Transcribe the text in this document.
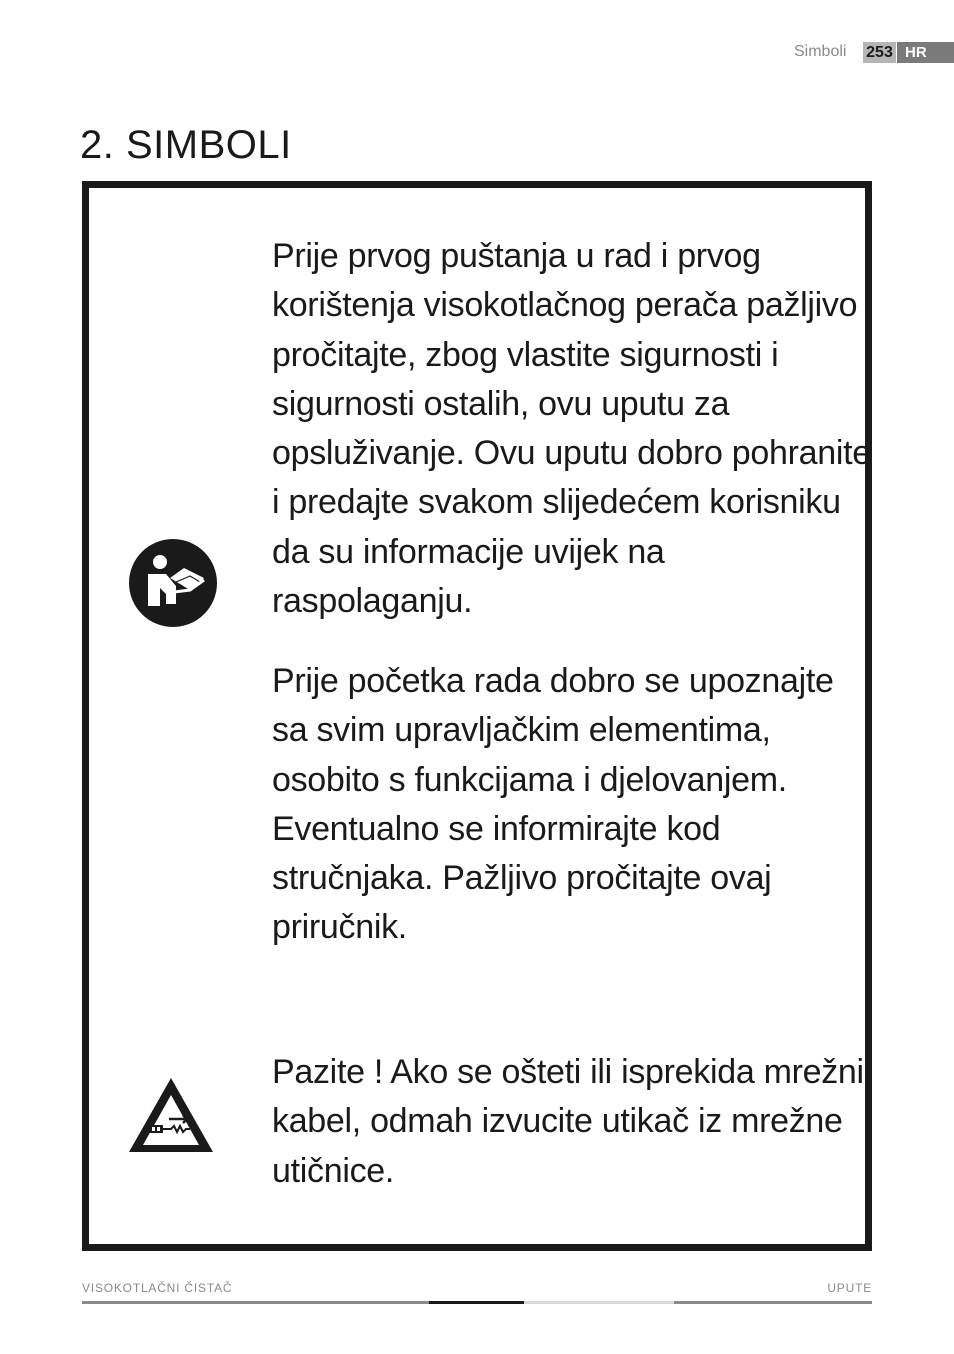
Simboli 253 HR
2. SIMBOLI
Prije prvog puštanja u rad i prvog korištenja visokotlačnog perača pažljivo pročitajte, zbog vlastite sigurnosti i sigurnosti ostalih, ovu uputu za opsluživanje. Ovu uputu dobro pohranite i predajte svakom slijedećem korisniku da su informacije uvijek na raspolaganju.
Prije početka rada dobro se upoznajte sa svim upravljačkim elementima, osobito s funkcijama i djelovanjem. Eventualno se informirajte kod stručnjaka. Pažljivo pročitajte ovaj priručnik.
Pazite ! Ako se ošteti ili isprekida mrežni kabel, odmah izvucite utikač iz mrežne utičnice.
VISOKOTLAČNI ČISTAČ	UPUTE
